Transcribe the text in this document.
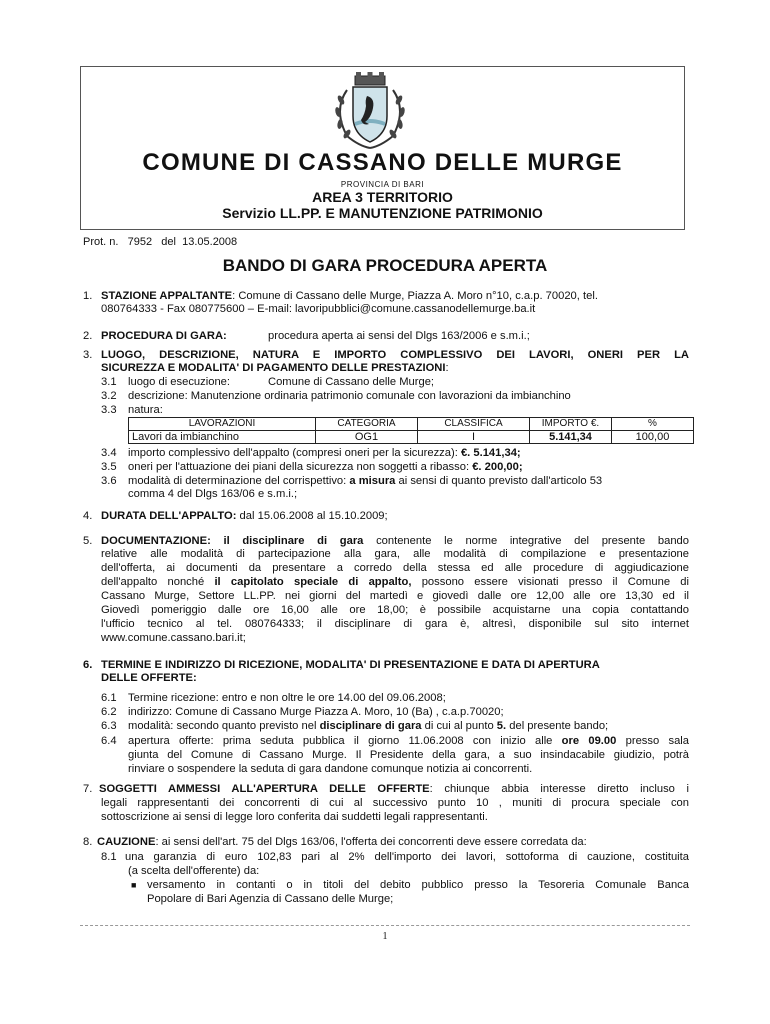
COMUNE DI CASSANO DELLE MURGE
PROVINCIA DI BARI
AREA 3 TERRITORIO
Servizio LL.PP. E MANUTENZIONE PATRIMONIO
Prot. n. 7952 del 13.05.2008
BANDO DI GARA PROCEDURA APERTA
1. STAZIONE APPALTANTE: Comune di Cassano delle Murge, Piazza A. Moro n°10, c.a.p. 70020, tel.
080764333 - Fax 080775600 – E-mail: lavoripubblici@comune.cassanodellemurge.ba.it
2. PROCEDURA DI GARA:	procedura aperta ai sensi del Dlgs 163/2006 e s.m.i.;
3. LUOGO, DESCRIZIONE, NATURA E IMPORTO COMPLESSIVO DEI LAVORI, ONERI PER LA
SICUREZZA E MODALITA' DI PAGAMENTO DELLE PRESTAZIONI:
3.1 luogo di esecuzione:	Comune di Cassano delle Murge;
3.2 descrizione: Manutenzione ordinaria patrimonio comunale con lavorazioni da imbianchino
3.3 natura:
LAVORAZIONI	CATEGORIA	CLASSIFICA	IMPORTO €.	%
Lavori da imbianchino	OG1	I	5.141,34	100,00
3.4 importo complessivo dell'appalto (compresi oneri per la sicurezza): €. 5.141,34;
3.5 oneri per l'attuazione dei piani della sicurezza non soggetti a ribasso: €. 200,00;
3.6 modalità di determinazione del corrispettivo: a misura ai sensi di quanto previsto dall'articolo 53
comma 4 del Dlgs 163/06 e s.m.i.;
4. DURATA DELL'APPALTO: dal 15.06.2008 al 15.10.2009;
5. DOCUMENTAZIONE: il disciplinare di gara contenente le norme integrative del presente bando
relative alle modalità di partecipazione alla gara, alle modalità di compilazione e presentazione
dell'offerta, ai documenti da presentare a corredo della stessa ed alle procedure di aggiudicazione
dell'appalto nonché il capitolato speciale di appalto, possono essere visionati presso il Comune di
Cassano Murge, Settore LL.PP. nei giorni del martedì e giovedì dalle ore 12,00 alle ore 13,30 ed il
Giovedì pomeriggio dalle ore 16,00 alle ore 18,00; è possibile acquistarne una copia contattando
l'ufficio tecnico al tel. 080764333; il disciplinare di gara è, altresì, disponibile sul sito internet
www.comune.cassano.bari.it;
6. TERMINE E INDIRIZZO DI RICEZIONE, MODALITA' DI PRESENTAZIONE E DATA DI APERTURA
DELLE OFFERTE:
6.1 Termine ricezione: entro e non oltre le ore 14.00 del 09.06.2008;
6.2 indirizzo: Comune di Cassano Murge Piazza A. Moro, 10 (Ba) , c.a.p.70020;
6.3 modalità: secondo quanto previsto nel disciplinare di gara di cui al punto 5. del presente bando;
6.4 apertura offerte: prima seduta pubblica il giorno 11.06.2008 con inizio alle ore 09.00 presso sala
giunta del Comune di Cassano Murge. Il Presidente della gara, a suo insindacabile giudizio, potrà
rinviare o sospendere la seduta di gara dandone comunque notizia ai concorrenti.
7. SOGGETTI AMMESSI ALL'APERTURA DELLE OFFERTE: chiunque abbia interesse diretto incluso i
legali rappresentanti dei concorrenti di cui al successivo punto 10 , muniti di procura speciale con
sottoscrizione ai sensi di legge loro conferita dai suddetti legali rappresentanti.
8. CAUZIONE: ai sensi dell'art. 75 del Dlgs 163/06, l'offerta dei concorrenti deve essere corredata da:
8.1 una garanzia di euro 102,83 pari al 2% dell'importo dei lavori, sottoforma di cauzione, costituita
(a scelta dell'offerente) da:
■ versamento in contanti o in titoli del debito pubblico presso la Tesoreria Comunale Banca
Popolare di Bari Agenzia di Cassano delle Murge;
1
